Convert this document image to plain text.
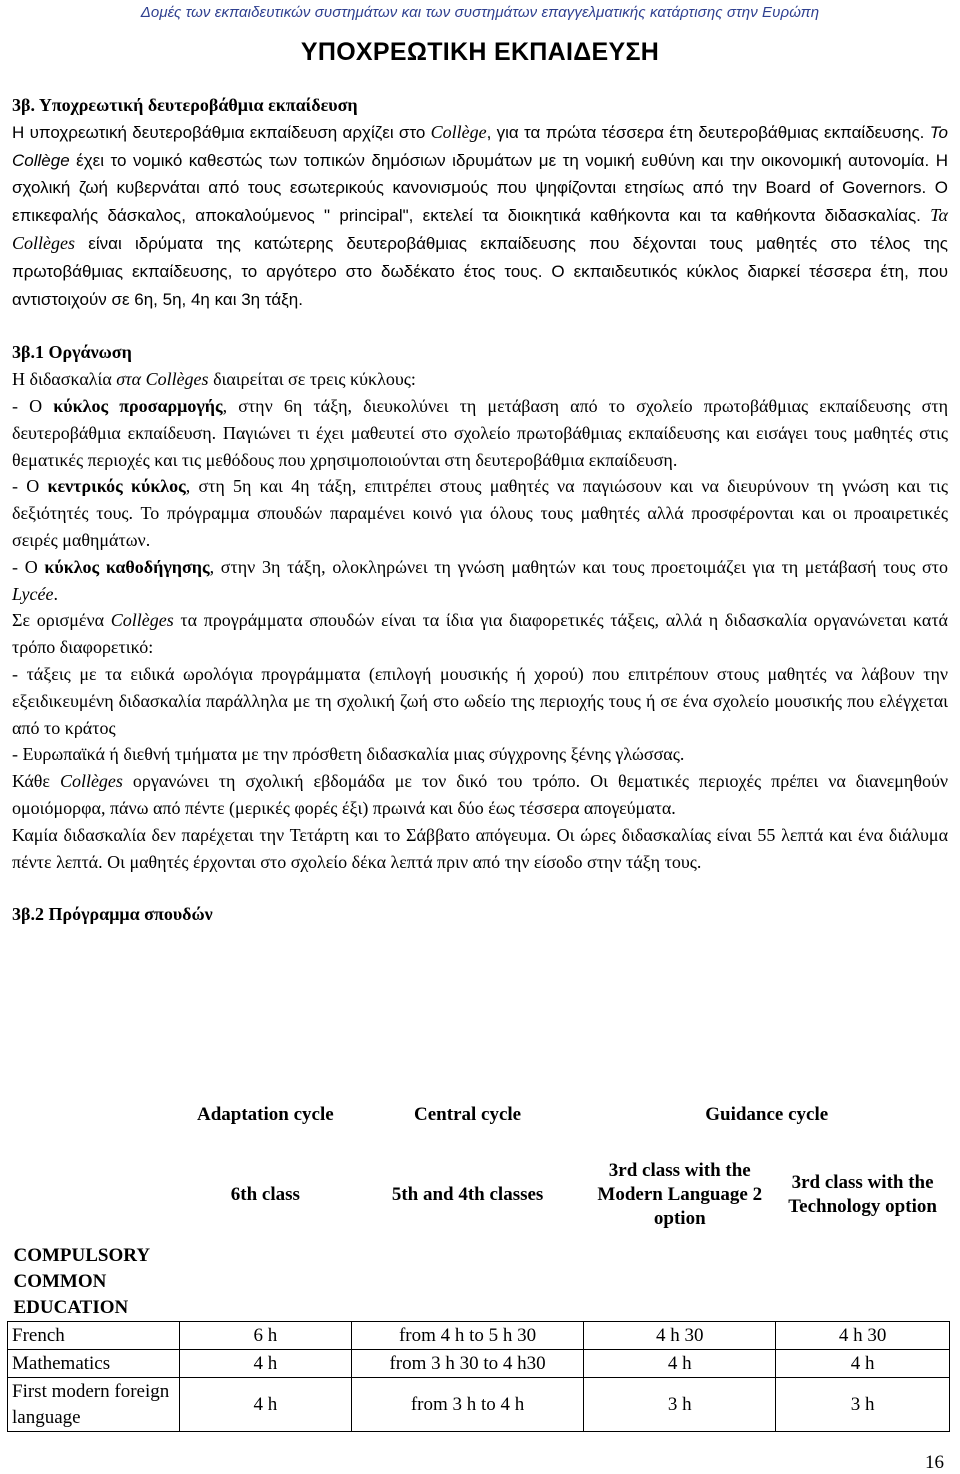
Δομές των εκπαιδευτικών συστημάτων και των συστημάτων επαγγελματικής κατάρτισης στην Ευρώπη
ΥΠΟΧΡΕΩΤΙΚΗ ΕΚΠΑΙΔΕΥΣΗ
3β. Υποχρεωτική δευτεροβάθμια εκπαίδευση

Η υποχρεωτική δευτεροβάθμια εκπαίδευση αρχίζει στο Collège, για τα πρώτα τέσσερα έτη δευτεροβάθμιας εκπαίδευσης. Το Collège έχει το νομικό καθεστώς των τοπικών δημόσιων ιδρυμάτων με τη νομική ευθύνη και την οικονομική αυτονομία. Η σχολική ζωή κυβερνάται από τους εσωτερικούς κανονισμούς που ψηφίζονται ετησίως από την Board of Governors. Ο επικεφαλής δάσκαλος, αποκαλούμενος " principal", εκτελεί τα διοικητικά καθήκοντα και τα καθήκοντα διδασκαλίας. Τα Collèges είναι ιδρύματα της κατώτερης δευτεροβάθμιας εκπαίδευσης που δέχονται τους μαθητές στο τέλος της πρωτοβάθμιας εκπαίδευσης, το αργότερο στο δωδέκατο έτος τους. Ο εκπαιδευτικός κύκλος διαρκεί τέσσερα έτη, που αντιστοιχούν σε 6η, 5η, 4η και 3η τάξη.

3β.1 Οργάνωση

Η διδασκαλία στα Collèges διαιρείται σε τρεις κύκλους:

- Ο κύκλος προσαρμογής, στην 6η τάξη, διευκολύνει τη μετάβαση από το σχολείο πρωτοβάθμιας εκπαίδευσης στη δευτεροβάθμια εκπαίδευση. Παγιώνει τι έχει μαθευτεί στο σχολείο πρωτοβάθμιας εκπαίδευσης και εισάγει τους μαθητές στις θεματικές περιοχές και τις μεθόδους που χρησιμοποιούνται στη δευτεροβάθμια εκπαίδευση.

- Ο κεντρικός κύκλος, στη 5η και 4η τάξη, επιτρέπει στους μαθητές να παγιώσουν και να διευρύνουν τη γνώση και τις δεξιότητές τους. Το πρόγραμμα σπουδών παραμένει κοινό για όλους τους μαθητές αλλά προσφέρονται και οι προαιρετικές σειρές μαθημάτων.

- Ο κύκλος καθοδήγησης, στην 3η τάξη, ολοκληρώνει τη γνώση μαθητών και τους προετοιμάζει για τη μετάβασή τους στο Lycée.

Σε ορισμένα Collèges τα προγράμματα σπουδών είναι τα ίδια για διαφορετικές τάξεις, αλλά η διδασκαλία οργανώνεται κατά τρόπο διαφορετικό:

- τάξεις με τα ειδικά ωρολόγια προγράμματα (επιλογή μουσικής ή χορού) που επιτρέπουν στους μαθητές να λάβουν την εξειδικευμένη διδασκαλία παράλληλα με τη σχολική ζωή στο ωδείο της περιοχής τους ή σε ένα σχολείο μουσικής που ελέγχεται από το κράτος

- Ευρωπαϊκά ή διεθνή τμήματα με την πρόσθετη διδασκαλία μιας σύγχρονης ξένης γλώσσας.

Κάθε Collèges οργανώνει τη σχολική εβδομάδα με τον δικό του τρόπο. Οι θεματικές περιοχές πρέπει να διανεμηθούν ομοιόμορφα, πάνω από πέντε (μερικές φορές έξι) πρωινά και δύο έως τέσσερα απογεύματα.

Καμία διδασκαλία δεν παρέχεται την Τετάρτη και το Σάββατο απόγευμα. Οι ώρες διδασκαλίας είναι 55 λεπτά και ένα διάλυμα πέντε λεπτά. Οι μαθητές έρχονται στο σχολείο δέκα λεπτά πριν από την είσοδο στην τάξη τους.

3β.2 Πρόγραμμα σπουδών
	Adaptation cycle	Central cycle	Guidance cycle	
	6th class	5th and 4th classes	3rd class with the Modern Language 2 option	3rd class with the Technology option
COMPULSORY COMMON EDUCATION				
French	6 h	from 4 h to 5 h 30	4 h 30	4 h 30
Mathematics	4 h	from 3 h 30 to 4 h30	4 h	4 h
First modern foreign language	4 h	from 3 h to 4 h	3 h	3 h
16
